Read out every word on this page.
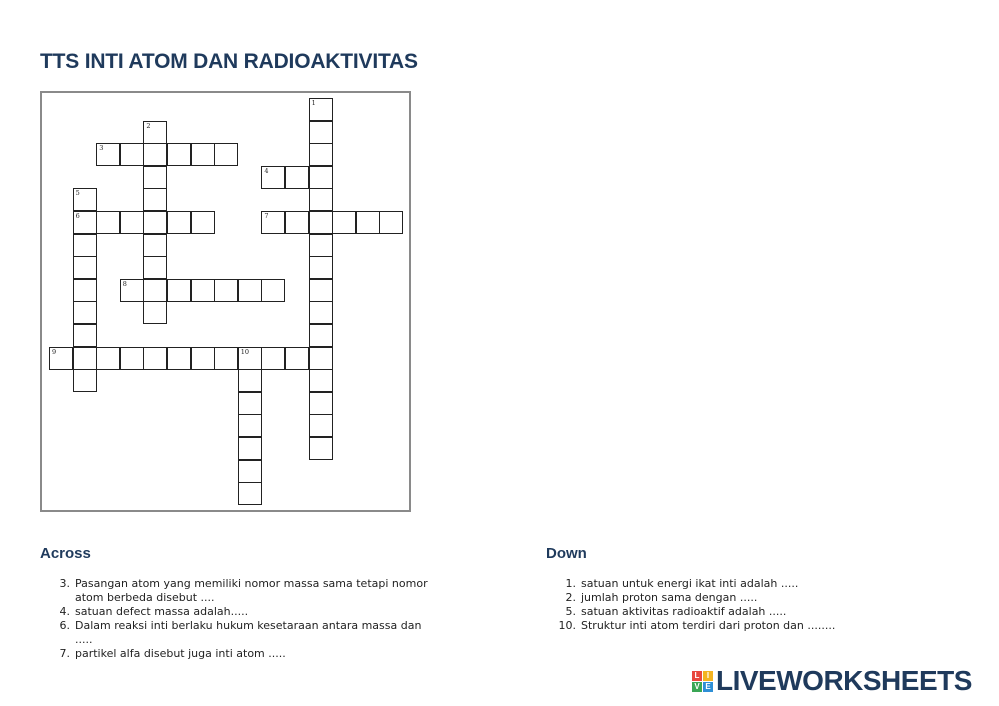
TTS INTI ATOM DAN RADIOAKTIVITAS
1
2
3
4
5
6	7
8
9	10
Across
3. Pasangan atom yang memiliki nomor massa sama tetapi nomor
atom berbeda disebut ....
4. satuan defect massa adalah.....
6. Dalam reaksi inti berlaku hukum kesetaraan antara massa dan
.....
7. partikel alfa disebut juga inti atom .....
Down
1. satuan untuk energi ikat inti adalah .....
2. jumlah proton sama dengan .....
5. satuan aktivitas radioaktif adalah .....
10. Struktur inti atom terdiri dari proton dan ........
L I
V E LIVEWORKSHEETS
